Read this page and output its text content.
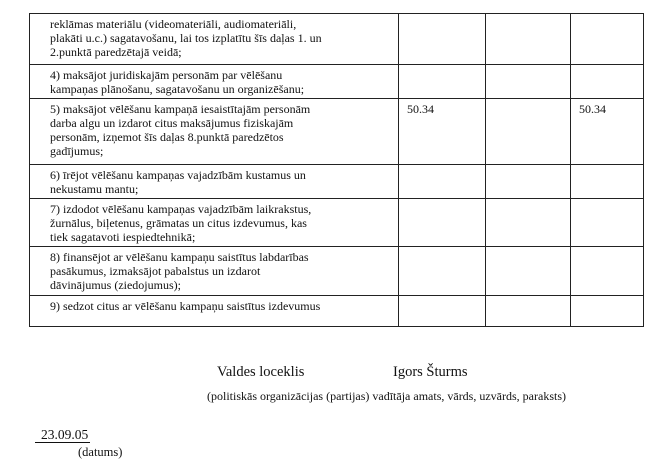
reklāmas materiālu (videomateriāli, audiomateriāli,
plakāti u.c.) sagatavošanu, lai tos izplatītu šīs daļas 1. un
2.punktā paredzētajā veidā;			

4) maksājot juridiskajām personām par vēlēšanu
kampaņas plānošanu, sagatavošanu un organizēšanu;			

5) maksājot vēlēšanu kampaņā iesaistītajām personām
darba algu un izdarot citus maksājumus fiziskajām
personām, izņemot šīs daļas 8.punktā paredzētos
gadījumus;	50.34		50.34

6) īrējot vēlēšanu kampaņas vajadzībām kustamus un
nekustamu mantu;			

7) izdodot vēlēšanu kampaņas vajadzībām laikrakstus,
žurnālus, biļetenus, grāmatas un citus izdevumus, kas
tiek sagatavoti iespiedtehnikā;			

8) finansējot ar vēlēšanu kampaņu saistītus labdarības
pasākumus, izmaksājot pabalstus un izdarot
dāvinājumus (ziedojumus);			

9) sedzot citus ar vēlēšanu kampaņu saistītus izdevumus			

Valdes loceklis	Igors Šturms
(politiskās organizācijas (partijas) vadītāja amats, vārds, uzvārds, paraksts)
23.09.05
(datums)
